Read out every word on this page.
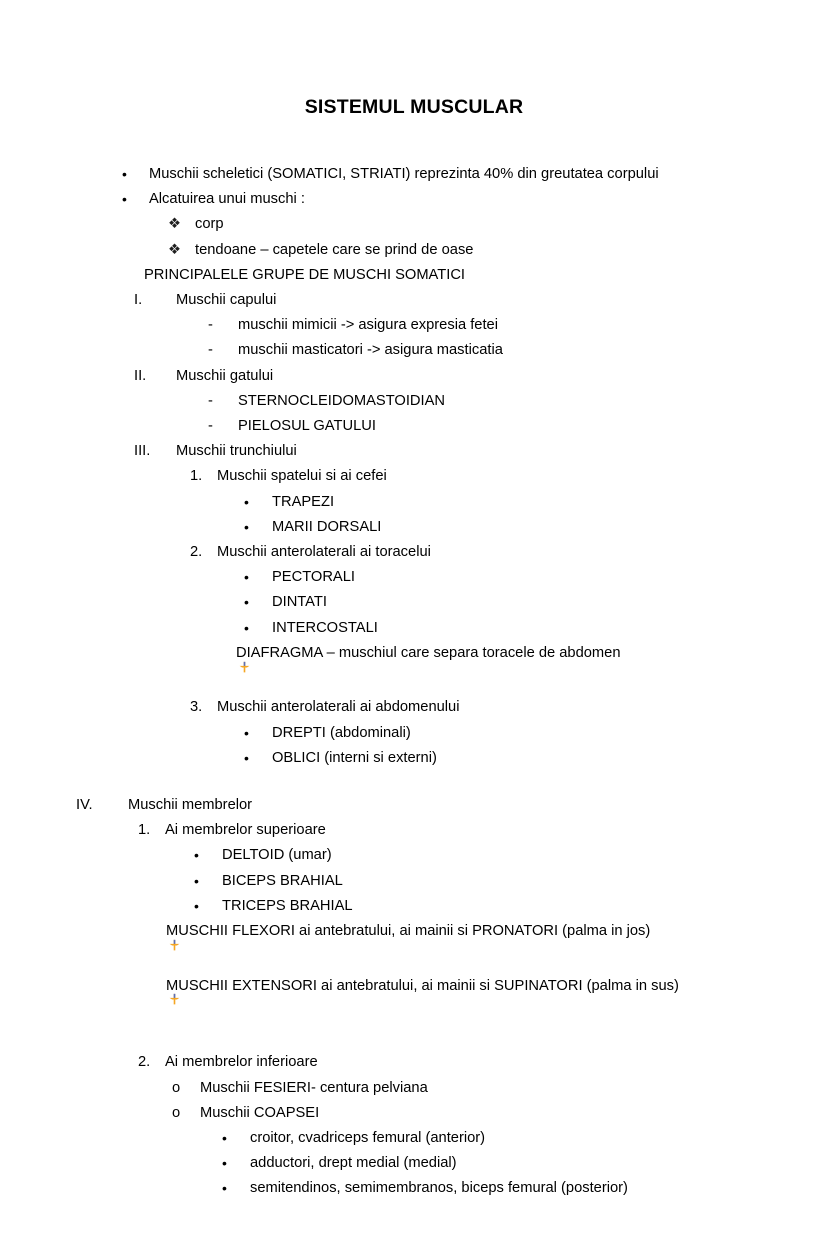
SISTEMUL MUSCULAR
•	Muschii scheletici (SOMATICI, STRIATI) reprezinta 40% din greutatea corpului
•	Alcatuirea unui muschi :
❖ corp
❖ tendoane – capetele care se prind de oase
PRINCIPALELE GRUPE DE MUSCHI SOMATICI
I.	Muschii capului
-	muschii mimicii -> asigura expresia fetei
-	muschii masticatori -> asigura masticatia
II.	Muschii gatului
-	STERNOCLEIDOMASTOIDIAN
-	PIELOSUL GATULUI
III.	Muschii trunchiului
1.	Muschii spatelui si ai cefei
•	TRAPEZI
•	MARII DORSALI
2.	Muschii anterolaterali ai toracelui
•	PECTORALI
•	DINTATI
•	INTERCOSTALI

DIAFRAGMA – muschiul care separa toracele de abdomen
3.	Muschii anterolaterali ai abdomenului
•	DREPTI (abdominali)
•	OBLICI (interni si externi)
IV.	Muschii membrelor
1.	Ai membrelor superioare
•	DELTOID (umar)
•	BICEPS BRAHIAL
•	TRICEPS BRAHIAL

MUSCHII FLEXORI ai antebratului, ai mainii si PRONATORI (palma in jos)

MUSCHII EXTENSORI ai antebratului, ai mainii si SUPINATORI (palma in sus)
2.	Ai membrelor inferioare
o	Muschii FESIERI- centura pelviana
o	Muschii COAPSEI
•	croitor, cvadriceps femural (anterior)
•	adductori, drept medial (medial)
•	semitendinos, semimembranos, biceps femural (posterior)
